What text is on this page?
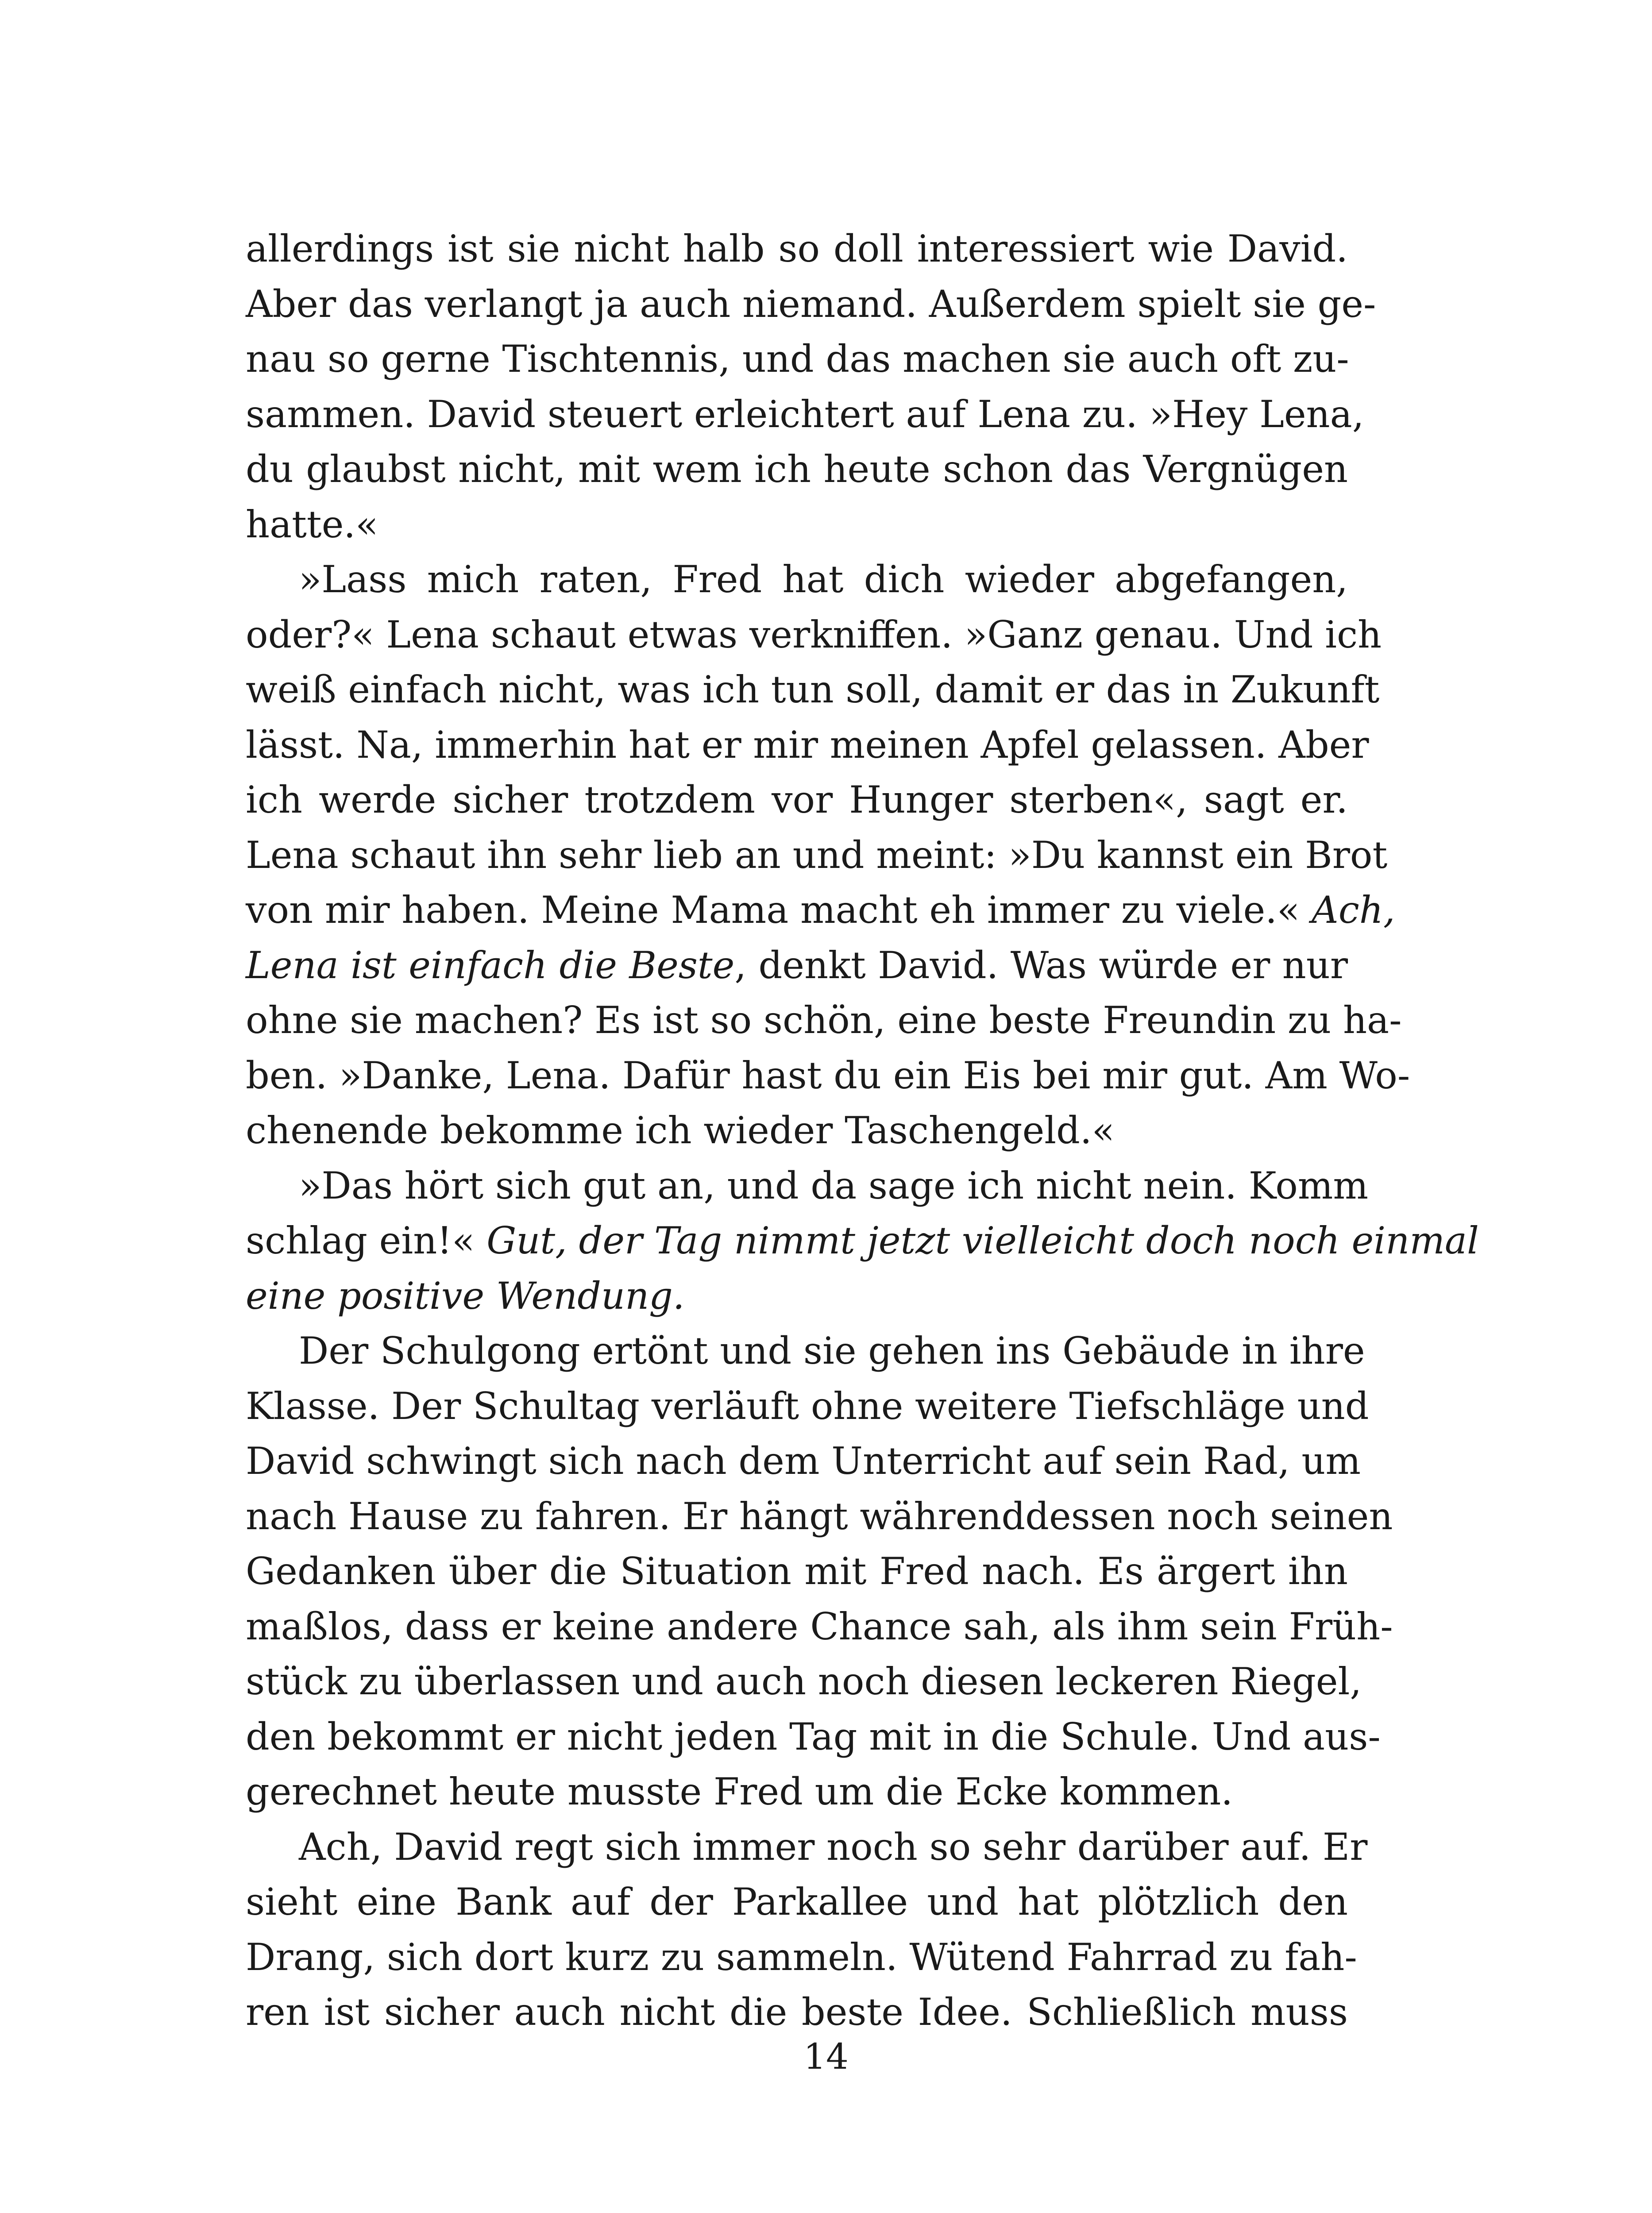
allerdings ist sie nicht halb so doll interessiert wie David.
Aber das verlangt ja auch niemand. Außerdem spielt sie ge-
nau so gerne Tischtennis, und das machen sie auch oft zu-
sammen. David steuert erleichtert auf Lena zu. »Hey Lena,
du glaubst nicht, mit wem ich heute schon das Vergnügen
hatte.«
»Lass mich raten, Fred hat dich wieder abgefangen,
oder?« Lena schaut etwas verkniffen. »Ganz genau. Und ich
weiß einfach nicht, was ich tun soll, damit er das in Zukunft
lässt. Na, immerhin hat er mir meinen Apfel gelassen. Aber
ich werde sicher trotzdem vor Hunger sterben«, sagt er.
Lena schaut ihn sehr lieb an und meint: »Du kannst ein Brot
von mir haben. Meine Mama macht eh immer zu viele.« Ach,
Lena ist einfach die Beste, denkt David. Was würde er nur
ohne sie machen? Es ist so schön, eine beste Freundin zu ha-
ben. »Danke, Lena. Dafür hast du ein Eis bei mir gut. Am Wo-
chenende bekomme ich wieder Taschengeld.«
»Das hört sich gut an, und da sage ich nicht nein. Komm
schlag ein!« Gut, der Tag nimmt jetzt vielleicht doch noch einmal
eine positive Wendung.
Der Schulgong ertönt und sie gehen ins Gebäude in ihre
Klasse. Der Schultag verläuft ohne weitere Tiefschläge und
David schwingt sich nach dem Unterricht auf sein Rad, um
nach Hause zu fahren. Er hängt währenddessen noch seinen
Gedanken über die Situation mit Fred nach. Es ärgert ihn
maßlos, dass er keine andere Chance sah, als ihm sein Früh-
stück zu überlassen und auch noch diesen leckeren Riegel,
den bekommt er nicht jeden Tag mit in die Schule. Und aus-
gerechnet heute musste Fred um die Ecke kommen.
Ach, David regt sich immer noch so sehr darüber auf. Er
sieht eine Bank auf der Parkallee und hat plötzlich den
Drang, sich dort kurz zu sammeln. Wütend Fahrrad zu fah-
ren ist sicher auch nicht die beste Idee. Schließlich muss
14
